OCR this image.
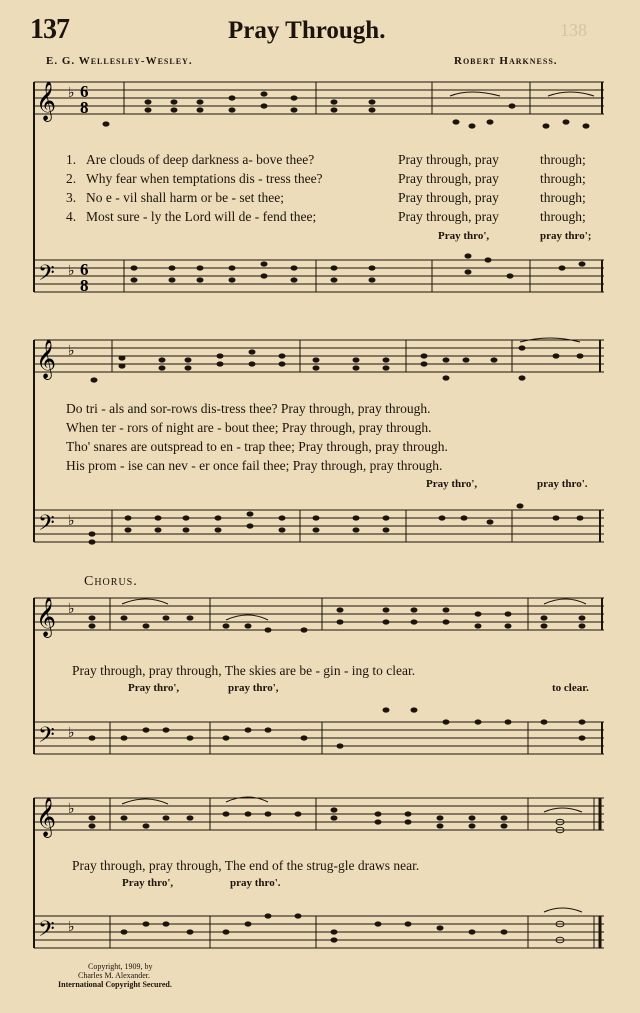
137	Pray Through.	138
E. G. Wellesley-Wesley.	Robert Harkness.
𝄞 ♭ 6
8
𝄢 ♭ 6
8
1. Are clouds of deep darkness a- bove thee?	Pray through, pray	through;
2. Why fear when temptations dis - tress thee?	Pray through, pray	through;
3. No e - vil shall harm or be - set thee;	Pray through, pray	through;
4. Most sure - ly the Lord will de - fend thee;	Pray through, pray	through;
Pray thro',	pray thro';
𝄞 ♭
𝄢 ♭
Do tri - als and sor-rows dis-tress thee? Pray through, pray through.
When ter - rors of night are - bout thee; Pray through, pray through.
Tho' snares are outspread to en - trap thee; Pray through, pray through.
His prom - ise can nev - er once fail thee; Pray through, pray through.
Pray thro',	pray thro'.
Chorus.
𝄞 ♭
𝄢 ♭
Pray through, pray through, The skies are be - gin - ing to clear.
Pray thro',	pray thro',	to clear.
𝄞 ♭
𝄢 ♭
Pray through, pray through, The end of the strug-gle draws near.
Pray thro',	pray thro'.
Copyright, 1909, by
Charles M. Alexander.
International Copyright Secured.
